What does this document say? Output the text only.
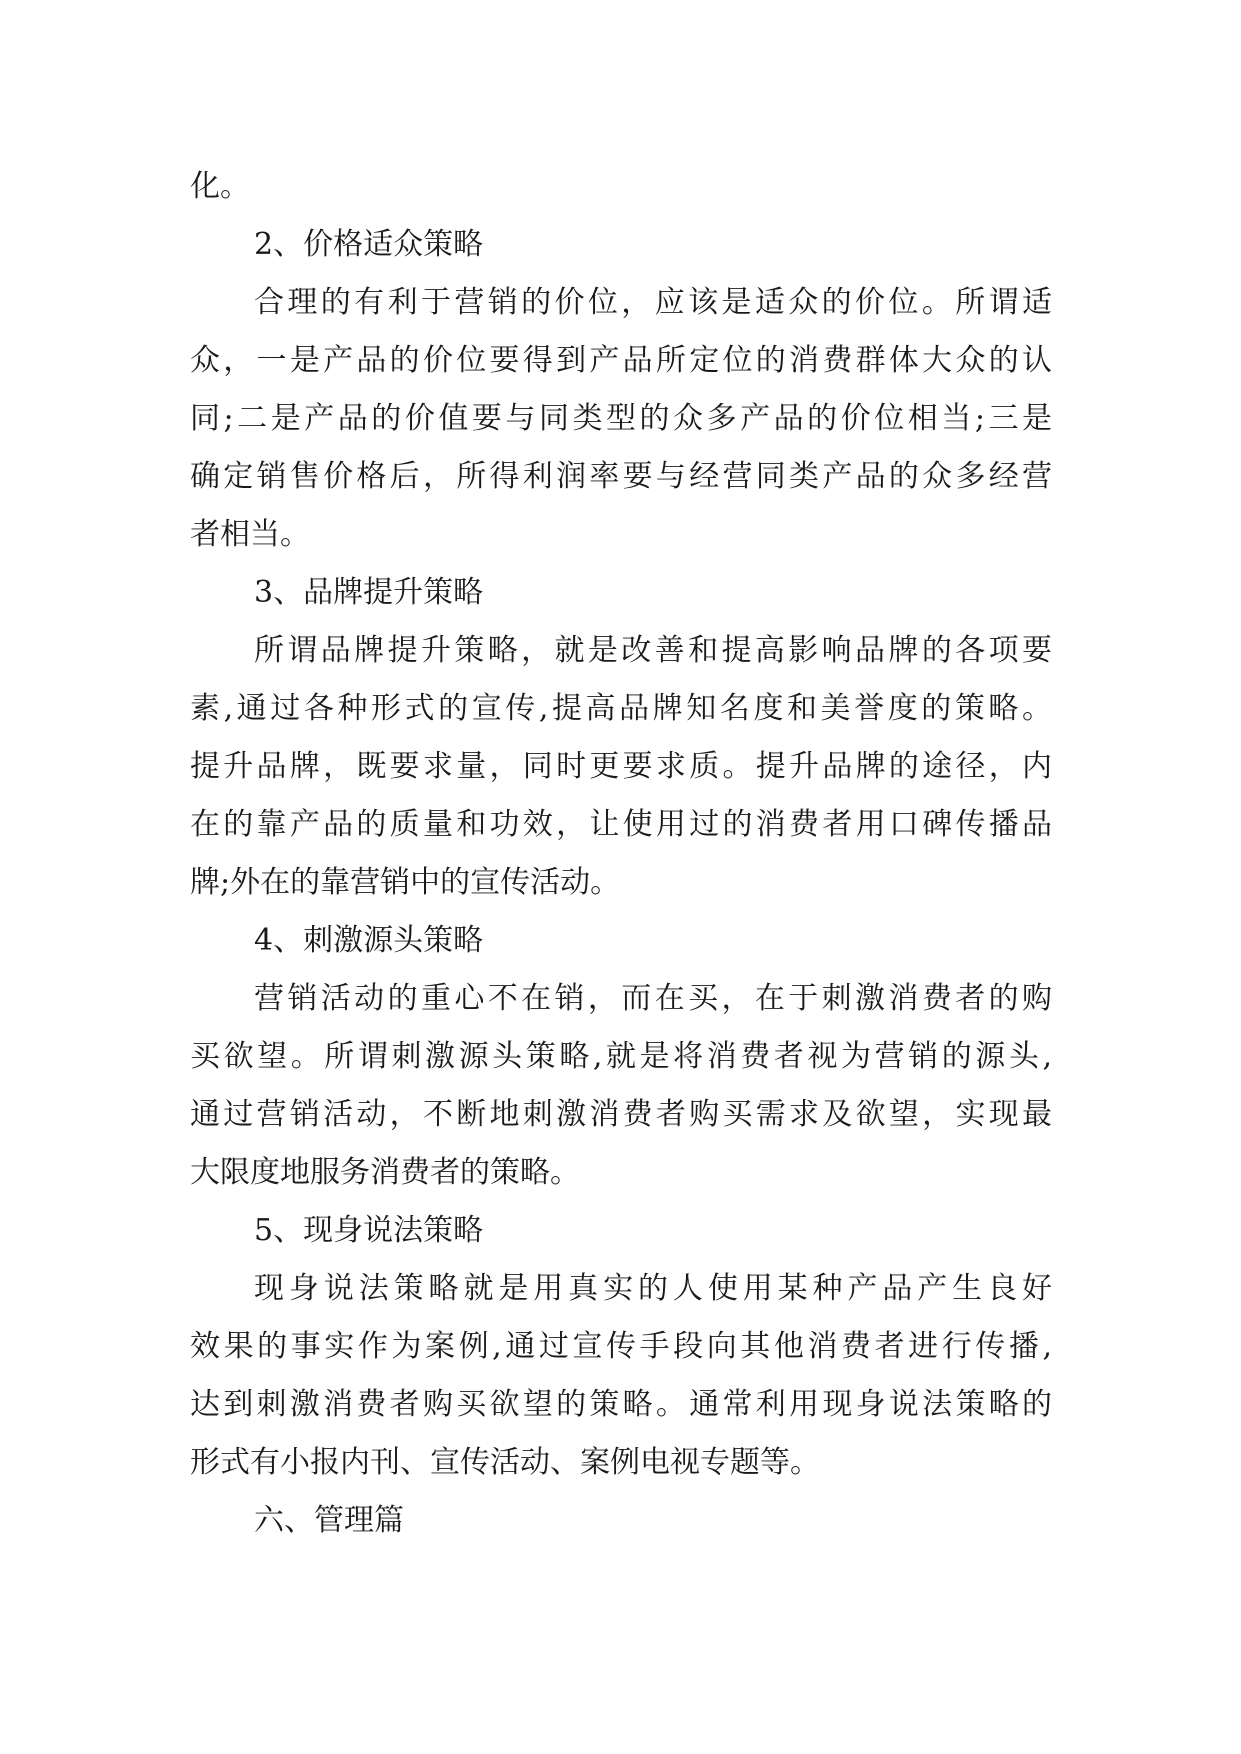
化。
2、价格适众策略
合理的有利于营销的价位，应该是适众的价位。所谓适
众，一是产品的价位要得到产品所定位的消费群体大众的认
同;二是产品的价值要与同类型的众多产品的价位相当;三是
确定销售价格后，所得利润率要与经营同类产品的众多经营
者相当。
3、品牌提升策略
所谓品牌提升策略，就是改善和提高影响品牌的各项要
素,通过各种形式的宣传,提高品牌知名度和美誉度的策略。
提升品牌，既要求量，同时更要求质。提升品牌的途径，内
在的靠产品的质量和功效，让使用过的消费者用口碑传播品
牌;外在的靠营销中的宣传活动。
4、刺激源头策略
营销活动的重心不在销，而在买，在于刺激消费者的购
买欲望。所谓刺激源头策略,就是将消费者视为营销的源头,
通过营销活动，不断地刺激消费者购买需求及欲望，实现最
大限度地服务消费者的策略。
5、现身说法策略
现身说法策略就是用真实的人使用某种产品产生良好
效果的事实作为案例,通过宣传手段向其他消费者进行传播,
达到刺激消费者购买欲望的策略。通常利用现身说法策略的
形式有小报内刊、宣传活动、案例电视专题等。
六、管理篇
